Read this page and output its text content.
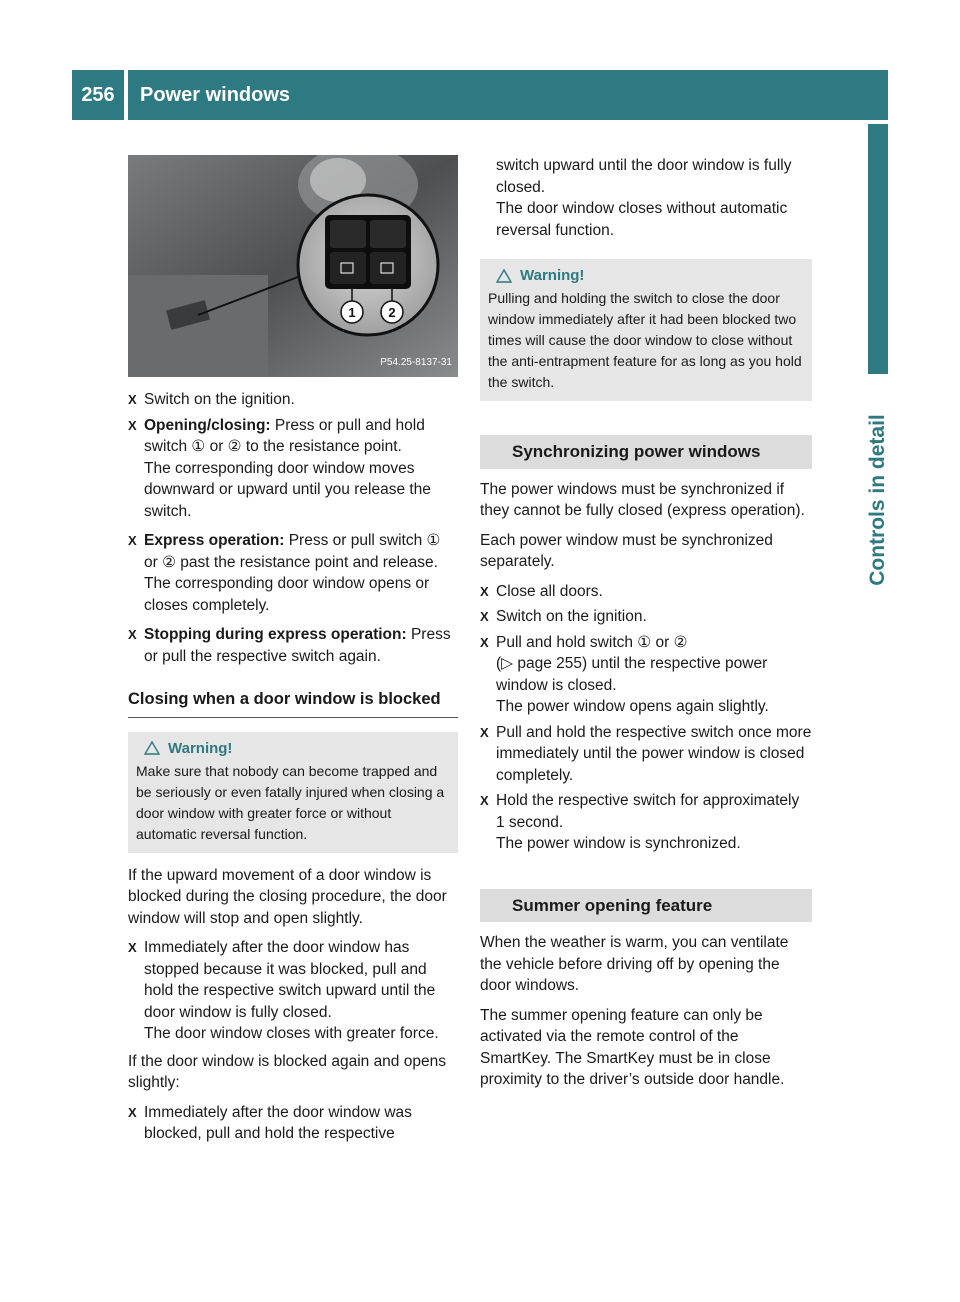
256	Power windows
Controls in detail
1	2
P54.25-8137-31
X Switch on the ignition.
X Opening/closing: Press or pull and hold switch ① or ② to the resistance point.
The corresponding door window moves downward or upward until you release the switch.
X Express operation: Press or pull switch ① or ② past the resistance point and release.
The corresponding door window opens or closes completely.
X Stopping during express operation: Press or pull the respective switch again.
Closing when a door window is blocked
Warning!
Make sure that nobody can become trapped and be seriously or even fatally injured when closing a door window with greater force or without automatic reversal function.

If the upward movement of a door window is blocked during the closing procedure, the door window will stop and open slightly.

X Immediately after the door window has stopped because it was blocked, pull and hold the respective switch upward until the door window is fully closed.
The door window closes with greater force.

If the door window is blocked again and opens slightly:

X Immediately after the door window was blocked, pull and hold the respective
switch upward until the door window is fully closed.
The door window closes without automatic reversal function.
Warning!
Pulling and holding the switch to close the door window immediately after it had been blocked two times will cause the door window to close without the anti-entrapment feature for as long as you hold the switch.
Synchronizing power windows

The power windows must be synchronized if they cannot be fully closed (express operation).

Each power window must be synchronized separately.

X Close all doors.
X Switch on the ignition.
X Pull and hold switch ① or ②
(▷ page 255) until the respective power window is closed.
The power window opens again slightly.
X Pull and hold the respective switch once more immediately until the power window is closed completely.
X Hold the respective switch for approximately 1 second.
The power window is synchronized.
Summer opening feature

When the weather is warm, you can ventilate the vehicle before driving off by opening the door windows.

The summer opening feature can only be activated via the remote control of the SmartKey. The SmartKey must be in close proximity to the driver’s outside door handle.
